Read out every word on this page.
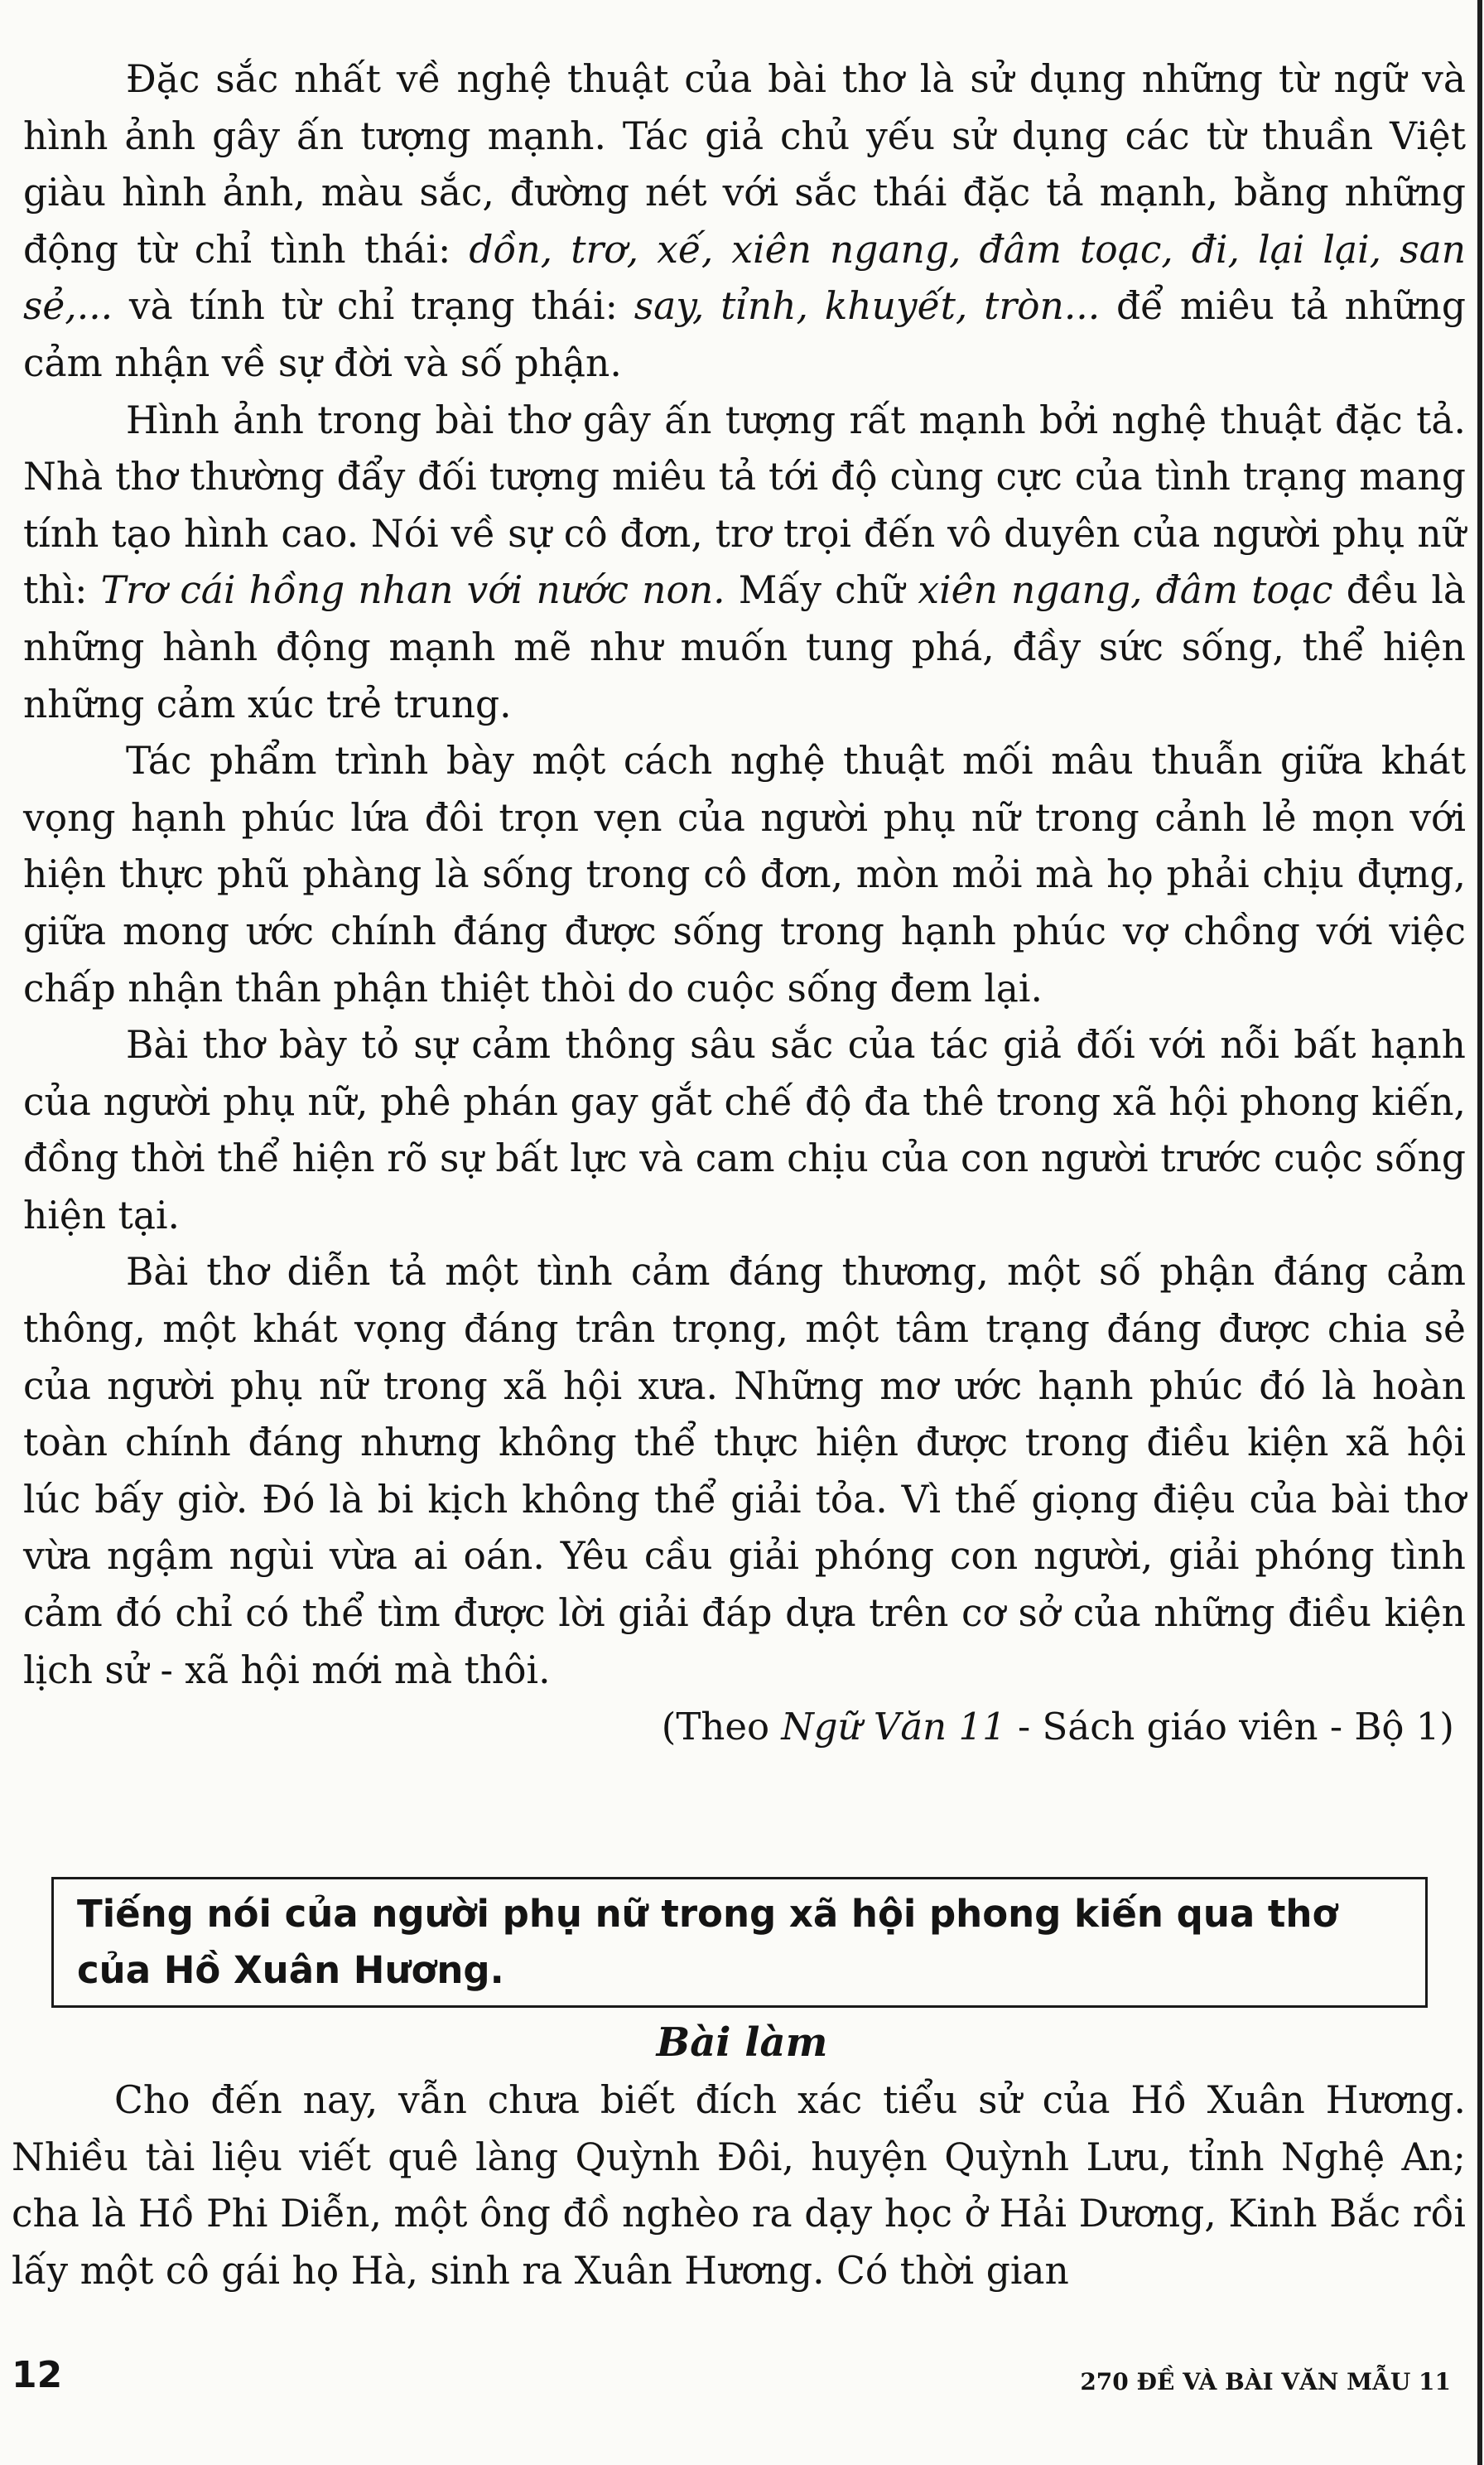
Đặc sắc nhất về nghệ thuật của bài thơ là sử dụng những từ ngữ và hình ảnh gây ấn tượng mạnh. Tác giả chủ yếu sử dụng các từ thuần Việt giàu hình ảnh, màu sắc, đường nét với sắc thái đặc tả mạnh, bằng những động từ chỉ tình thái: dồn, trơ, xế, xiên ngang, đâm toạc, đi, lại lại, san sẻ,... và tính từ chỉ trạng thái: say, tỉnh, khuyết, tròn... để miêu tả những cảm nhận về sự đời và số phận.

Hình ảnh trong bài thơ gây ấn tượng rất mạnh bởi nghệ thuật đặc tả. Nhà thơ thường đẩy đối tượng miêu tả tới độ cùng cực của tình trạng mang tính tạo hình cao. Nói về sự cô đơn, trơ trọi đến vô duyên của người phụ nữ thì: Trơ cái hồng nhan với nước non. Mấy chữ xiên ngang, đâm toạc đều là những hành động mạnh mẽ như muốn tung phá, đầy sức sống, thể hiện những cảm xúc trẻ trung.

Tác phẩm trình bày một cách nghệ thuật mối mâu thuẫn giữa khát vọng hạnh phúc lứa đôi trọn vẹn của người phụ nữ trong cảnh lẻ mọn với hiện thực phũ phàng là sống trong cô đơn, mòn mỏi mà họ phải chịu đựng, giữa mong ước chính đáng được sống trong hạnh phúc vợ chồng với việc chấp nhận thân phận thiệt thòi do cuộc sống đem lại.

Bài thơ bày tỏ sự cảm thông sâu sắc của tác giả đối với nỗi bất hạnh của người phụ nữ, phê phán gay gắt chế độ đa thê trong xã hội phong kiến, đồng thời thể hiện rõ sự bất lực và cam chịu của con người trước cuộc sống hiện tại.

Bài thơ diễn tả một tình cảm đáng thương, một số phận đáng cảm thông, một khát vọng đáng trân trọng, một tâm trạng đáng được chia sẻ của người phụ nữ trong xã hội xưa. Những mơ ước hạnh phúc đó là hoàn toàn chính đáng nhưng không thể thực hiện được trong điều kiện xã hội lúc bấy giờ. Đó là bi kịch không thể giải tỏa. Vì thế giọng điệu của bài thơ vừa ngậm ngùi vừa ai oán. Yêu cầu giải phóng con người, giải phóng tình cảm đó chỉ có thể tìm được lời giải đáp dựa trên cơ sở của những điều kiện lịch sử - xã hội mới mà thôi.

(Theo Ngữ Văn 11 - Sách giáo viên - Bộ 1)

Tiếng nói của người phụ nữ trong xã hội phong kiến qua thơ của Hồ Xuân Hương.
Bài làm

Cho đến nay, vẫn chưa biết đích xác tiểu sử của Hồ Xuân Hương. Nhiều tài liệu viết quê làng Quỳnh Đôi, huyện Quỳnh Lưu, tỉnh Nghệ An; cha là Hồ Phi Diễn, một ông đồ nghèo ra dạy học ở Hải Dương, Kinh Bắc rồi lấy một cô gái họ Hà, sinh ra Xuân Hương. Có thời gian

12	270 ĐỀ VÀ BÀI VĂN MẪU 11
